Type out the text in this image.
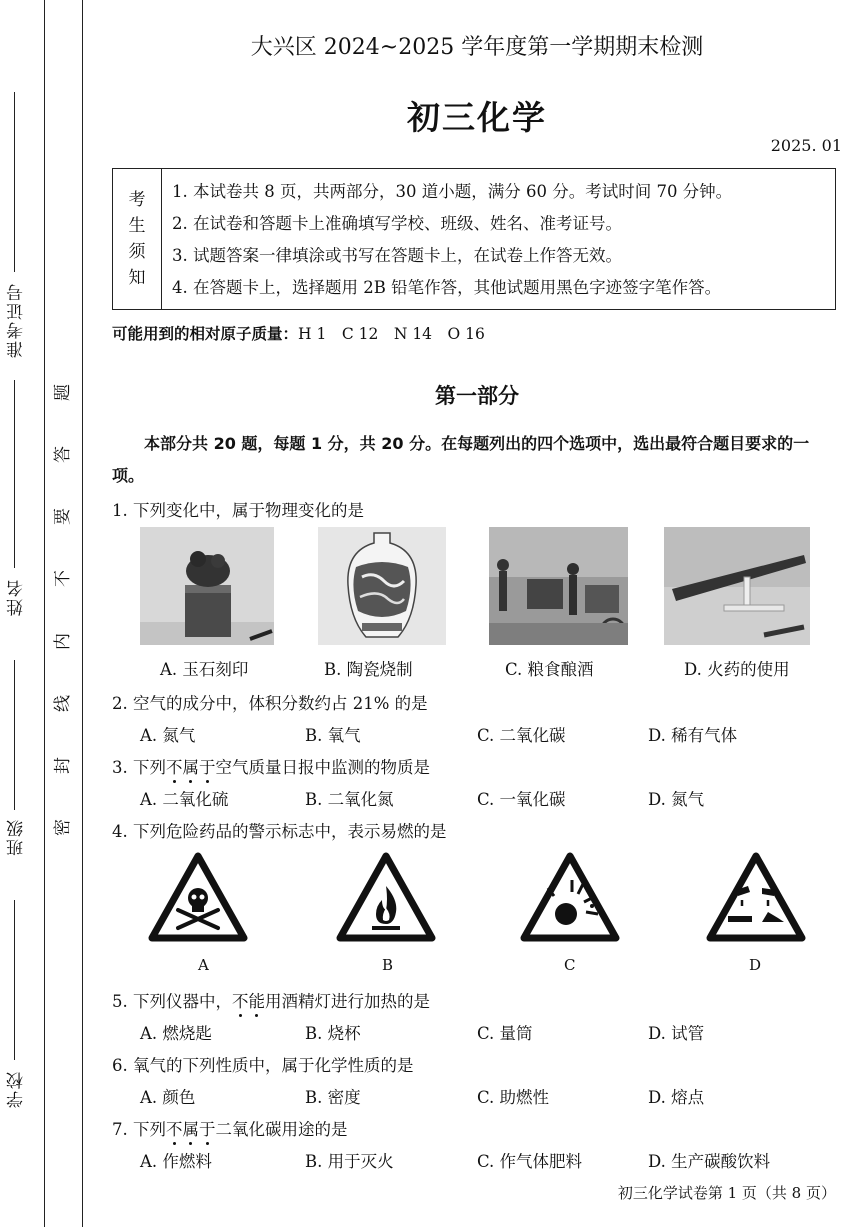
准考证号
姓名
班级
学校
题
答
要
不
内
线
封
密
大兴区 2024~2025 学年度第一学期期末检测
初三化学
2025. 01
考
生
须
知
1. 本试卷共 8 页，共两部分，30 道小题，满分 60 分。考试时间 70 分钟。
2. 在试卷和答题卡上准确填写学校、班级、姓名、准考证号。
3. 试题答案一律填涂或书写在答题卡上，在试卷上作答无效。
4. 在答题卡上，选择题用 2B 铅笔作答，其他试题用黑色字迹签字笔作答。
可能用到的相对原子质量：H 1　C 12　N 14　O 16
第一部分
本部分共 20 题，每题 1 分，共 20 分。在每题列出的四个选项中，选出最符合题目要求的一项。
1. 下列变化中，属于物理变化的是
A. 玉石刻印	B. 陶瓷烧制	C. 粮食酿酒	D. 火药的使用
2. 空气的成分中，体积分数约占 21% 的是
A. 氮气	B. 氧气	C. 二氧化碳	D. 稀有气体
3. 下列不属于空气质量日报中监测的物质是
A. 二氧化硫	B. 二氧化氮	C. 一氧化碳	D. 氮气
4. 下列危险药品的警示标志中，表示易燃的是
A	B	C	D
5. 下列仪器中，不能用酒精灯进行加热的是
A. 燃烧匙	B. 烧杯	C. 量筒	D. 试管
6. 氧气的下列性质中，属于化学性质的是
A. 颜色	B. 密度	C. 助燃性	D. 熔点
7. 下列不属于二氧化碳用途的是
A. 作燃料	B. 用于灭火	C. 作气体肥料	D. 生产碳酸饮料
初三化学试卷第 1 页（共 8 页）
